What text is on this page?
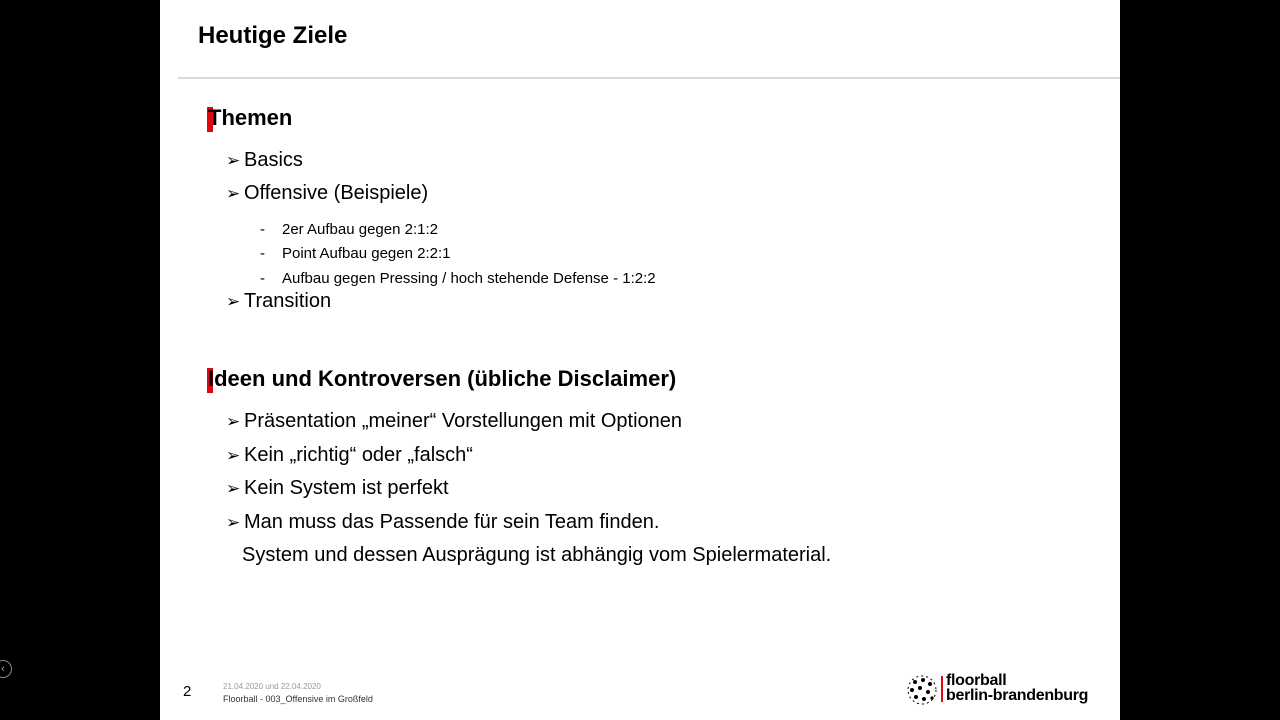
Heutige Ziele
Themen
➢ Basics
➢ Offensive (Beispiele)
- 2er Aufbau gegen 2:1:2
- Point Aufbau gegen 2:2:1
- Aufbau gegen Pressing / hoch stehende Defense - 1:2:2
➢ Transition
Ideen und Kontroversen (übliche Disclaimer)
➢ Präsentation „meiner“ Vorstellungen mit Optionen
➢ Kein „richtig“ oder „falsch“
➢ Kein System ist perfekt
➢ Man muss das Passende für sein Team finden.
System und dessen Ausprägung ist abhängig vom Spielermaterial.
2	21.04.2020 und 22.04.2020
Floorball - 003_Offensive im Großfeld
floorball
berlin-brandenburg
‹
